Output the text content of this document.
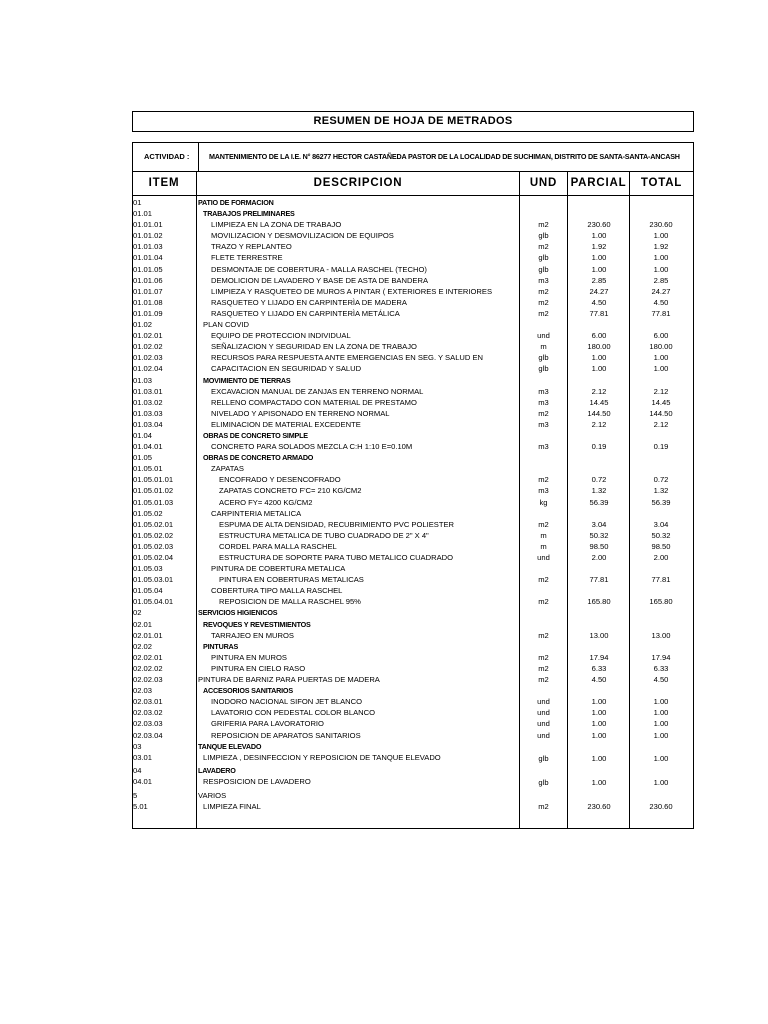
RESUMEN DE HOJA DE METRADOS
ACTIVIDAD :	MANTENIMIENTO DE LA I.E. N° 86277 HECTOR CASTAÑEDA PASTOR DE LA LOCALIDAD DE SUCHIMAN, DISTRITO DE SANTA-SANTA-ANCASH
ITEM	DESCRIPCION	UND	PARCIAL	TOTAL
01	PATIO DE FORMACION
01.01	TRABAJOS PRELIMINARES
01.01.01	LIMPIEZA EN LA ZONA DE TRABAJO	m2	230.60	230.60
01.01.02	MOVILIZACION Y DESMOVILIZACION DE EQUIPOS	glb	1.00	1.00
01.01.03	TRAZO Y REPLANTEO	m2	1.92	1.92
01.01.04	FLETE TERRESTRE	glb	1.00	1.00
01.01.05	DESMONTAJE DE COBERTURA - MALLA RASCHEL (TECHO)	glb	1.00	1.00
01.01.06	DEMOLICION DE LAVADERO Y BASE DE ASTA DE BANDERA	m3	2.85	2.85
01.01.07	LIMPIEZA Y RASQUETEO DE MUROS A PINTAR ( EXTERIORES E INTERIORES	m2	24.27	24.27
01.01.08	RASQUETEO Y LIJADO EN CARPINTERÌA DE MADERA	m2	4.50	4.50
01.01.09	RASQUETEO Y LIJADO EN CARPINTERÌA METÁLICA	m2	77.81	77.81
01.02	PLAN COVID
01.02.01	EQUIPO DE PROTECCION INDIVIDUAL	und	6.00	6.00
01.02.02	SEÑALIZACION Y SEGURIDAD EN LA ZONA DE TRABAJO	m	180.00	180.00
01.02.03	RECURSOS PARA RESPUESTA ANTE EMERGENCIAS EN SEG. Y SALUD EN	glb	1.00	1.00
01.02.04	CAPACITACION EN SEGURIDAD Y SALUD	glb	1.00	1.00
01.03	MOVIMIENTO DE TIERRAS
01.03.01	EXCAVACION MANUAL DE ZANJAS EN TERRENO NORMAL	m3	2.12	2.12
01.03.02	RELLENO COMPACTADO CON MATERIAL DE PRESTAMO	m3	14.45	14.45
01.03.03	NIVELADO Y APISONADO EN TERRENO NORMAL	m2	144.50	144.50
01.03.04	ELIMINACION DE MATERIAL EXCEDENTE	m3	2.12	2.12
01.04	OBRAS DE CONCRETO SIMPLE
01.04.01	CONCRETO PARA SOLADOS MEZCLA C:H 1:10 E=0.10M	m3	0.19	0.19
01.05	OBRAS DE CONCRETO ARMADO
01.05.01	ZAPATAS
01.05.01.01	ENCOFRADO Y DESENCOFRADO	m2	0.72	0.72
01.05.01.02	ZAPATAS CONCRETO F'C= 210 KG/CM2	m3	1.32	1.32
01.05.01.03	ACERO FY= 4200 KG/CM2	kg	56.39	56.39
01.05.02	CARPINTERIA METALICA
01.05.02.01	ESPUMA DE ALTA DENSIDAD, RECUBRIMIENTO PVC POLIESTER	m2	3.04	3.04
01.05.02.02	ESTRUCTURA METALICA DE TUBO CUADRADO DE 2" X 4"	m	50.32	50.32
01.05.02.03	CORDEL PARA MALLA RASCHEL	m	98.50	98.50
01.05.02.04	ESTRUCTURA DE SOPORTE PARA TUBO METALICO CUADRADO	und	2.00	2.00
01.05.03	PINTURA DE COBERTURA METALICA
01.05.03.01	PINTURA EN COBERTURAS METALICAS	m2	77.81	77.81
01.05.04	COBERTURA TIPO MALLA RASCHEL
01.05.04.01	REPOSICION DE MALLA RASCHEL 95%	m2	165.80	165.80
02	SERVICIOS HIGIENICOS
02.01	REVOQUES Y REVESTIMIENTOS
02.01.01	TARRAJEO EN MUROS	m2	13.00	13.00
02.02	PINTURAS
02.02.01	PINTURA EN MUROS	m2	17.94	17.94
02.02.02	PINTURA EN CIELO RASO	m2	6.33	6.33
02.02.03	PINTURA DE BARNIZ PARA PUERTAS DE MADERA	m2	4.50	4.50
02.03	ACCESORIOS SANITARIOS
02.03.01	INODORO NACIONAL SIFON JET BLANCO	und	1.00	1.00
02.03.02	LAVATORIO CON PEDESTAL COLOR BLANCO	und	1.00	1.00
02.03.03	GRIFERIA PARA LAVORATORIO	und	1.00	1.00
02.03.04	REPOSICION DE APARATOS SANITARIOS	und	1.00	1.00
03	TANQUE ELEVADO
03.01	LIMPIEZA , DESINFECCION Y REPOSICION DE TANQUE ELEVADO	glb	1.00	1.00
04	LAVADERO
04.01	RESPOSICION DE LAVADERO	glb	1.00	1.00
5	VARIOS
5.01	LIMPIEZA FINAL	m2	230.60	230.60
